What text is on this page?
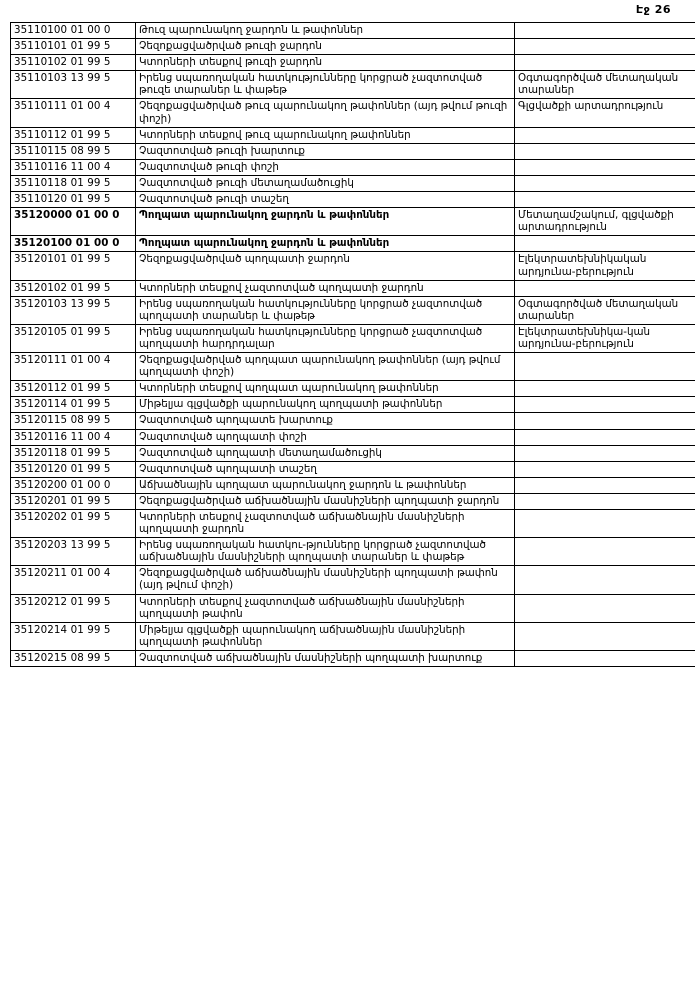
Էջ 26
35110100 01 00 0	Թուզ պարունակող ջարդոն և թափոններ	
35110101 01 99 5	Չեզոքացվածրված թուզի ջարդոն	
35110102 01 99 5	Կտորների տեսքով թուզի ջարդոն	
35110103 13 99 5	Իրենց սպառողական հատկությունները կորցրած չազտոտված թուզե տարաներ և փաթեթ	Օգտագործված մետաղական տարաներ
35110111 01 00 4	Չեզոքացվածրված թուզ պարունակող թափոններ (այդ թվում թուզի փոշի)	Գլցվածքի արտադրություն
35110112 01 99 5	Կտորների տեսքով թուզ պարունակող թափոններ	
35110115 08 99 5	Չազտոտված թուզի խարտուք	
35110116 11 00 4	Չազտոտված թուզի փոշի	
35110118 01 99 5	Չազտոտված թուզի մետաղամածուցիկ	
35110120 01 99 5	Չազտոտված թուզի տաշեղ	
35120000 01 00 0	Պողպատ պարունակող ջարդոն և թափոններ	Մետաղամշակում, գլցվածքի արտադրություն
35120100 01 00 0	Պողպատ պարունակող ջարդոն և թափոններ	
35120101 01 99 5	Չեզոքացվածրված պողպատի ջարդոն	Էլեկտրատեխնիկական արդյունա-բերություն
35120102 01 99 5	Կտորների տեսքով չազտոտված պողպատի ջարդոն	
35120103 13 99 5	Իրենց սպառողական հատկությունները կորցրած չազտոտված պողպատի տարաներ և փաթեթ	Օգտագործված մետաղական տարաներ
35120105 01 99 5	Իրենց սպառողական հատկությունները կորցրած չազտոտված պողպատի հարդրդալար	Էլեկտրատեխնիկա-կան արդյունա-բերություն
35120111 01 00 4	Չեզոքացվածրված պողպատ պարունակող թափոններ (այդ թվում պողպատի փոշի)	
35120112 01 99 5	Կտորների տեսքով պողպատ պարունակող թափոններ	
35120114 01 99 5	Միթելյա գլցվածքի պարունակող պողպատի թափոններ	
35120115 08 99 5	Չազտոտված պողպատե խարտուք	
35120116 11 00 4	Չազտոտված պողպատի փոշի	
35120118 01 99 5	Չազտոտված պողպատի մետաղամածուցիկ	
35120120 01 99 5	Չազտոտված պողպատի տաշեղ	
35120200 01 00 0	Աճխածնային պողպատ պարունակող ջարդոն և թափոններ	
35120201 01 99 5	Չեզոքացվածրված աճխածնային մասնիշների պողպատի ջարդոն	
35120202 01 99 5	Կտորների տեսքով չազտոտված աճխածնային մասնիշների պողպատի ջարդոն	
35120203 13 99 5	Իրենց սպառողական հատկու-թյունները կորցրած չազտոտված աճխածնային մասնիշների պողպատի տարաներ և փաթեթ	
35120211 01 00 4	Չեզոքացվածրված աճխածնային մասնիշների պողպատի թափոն (այդ թվում փոշի)	
35120212 01 99 5	Կտորների տեսքով չազտոտված աճխածնային մասնիշների պողպատի թափոն	
35120214 01 99 5	Միթելյա գլցվածքի պարունակող աճխածնային մասնիշների պողպատի թափոններ	
35120215 08 99 5	Չազտոտված աճխածնային մասնիշների պողպատի խարտուք	
